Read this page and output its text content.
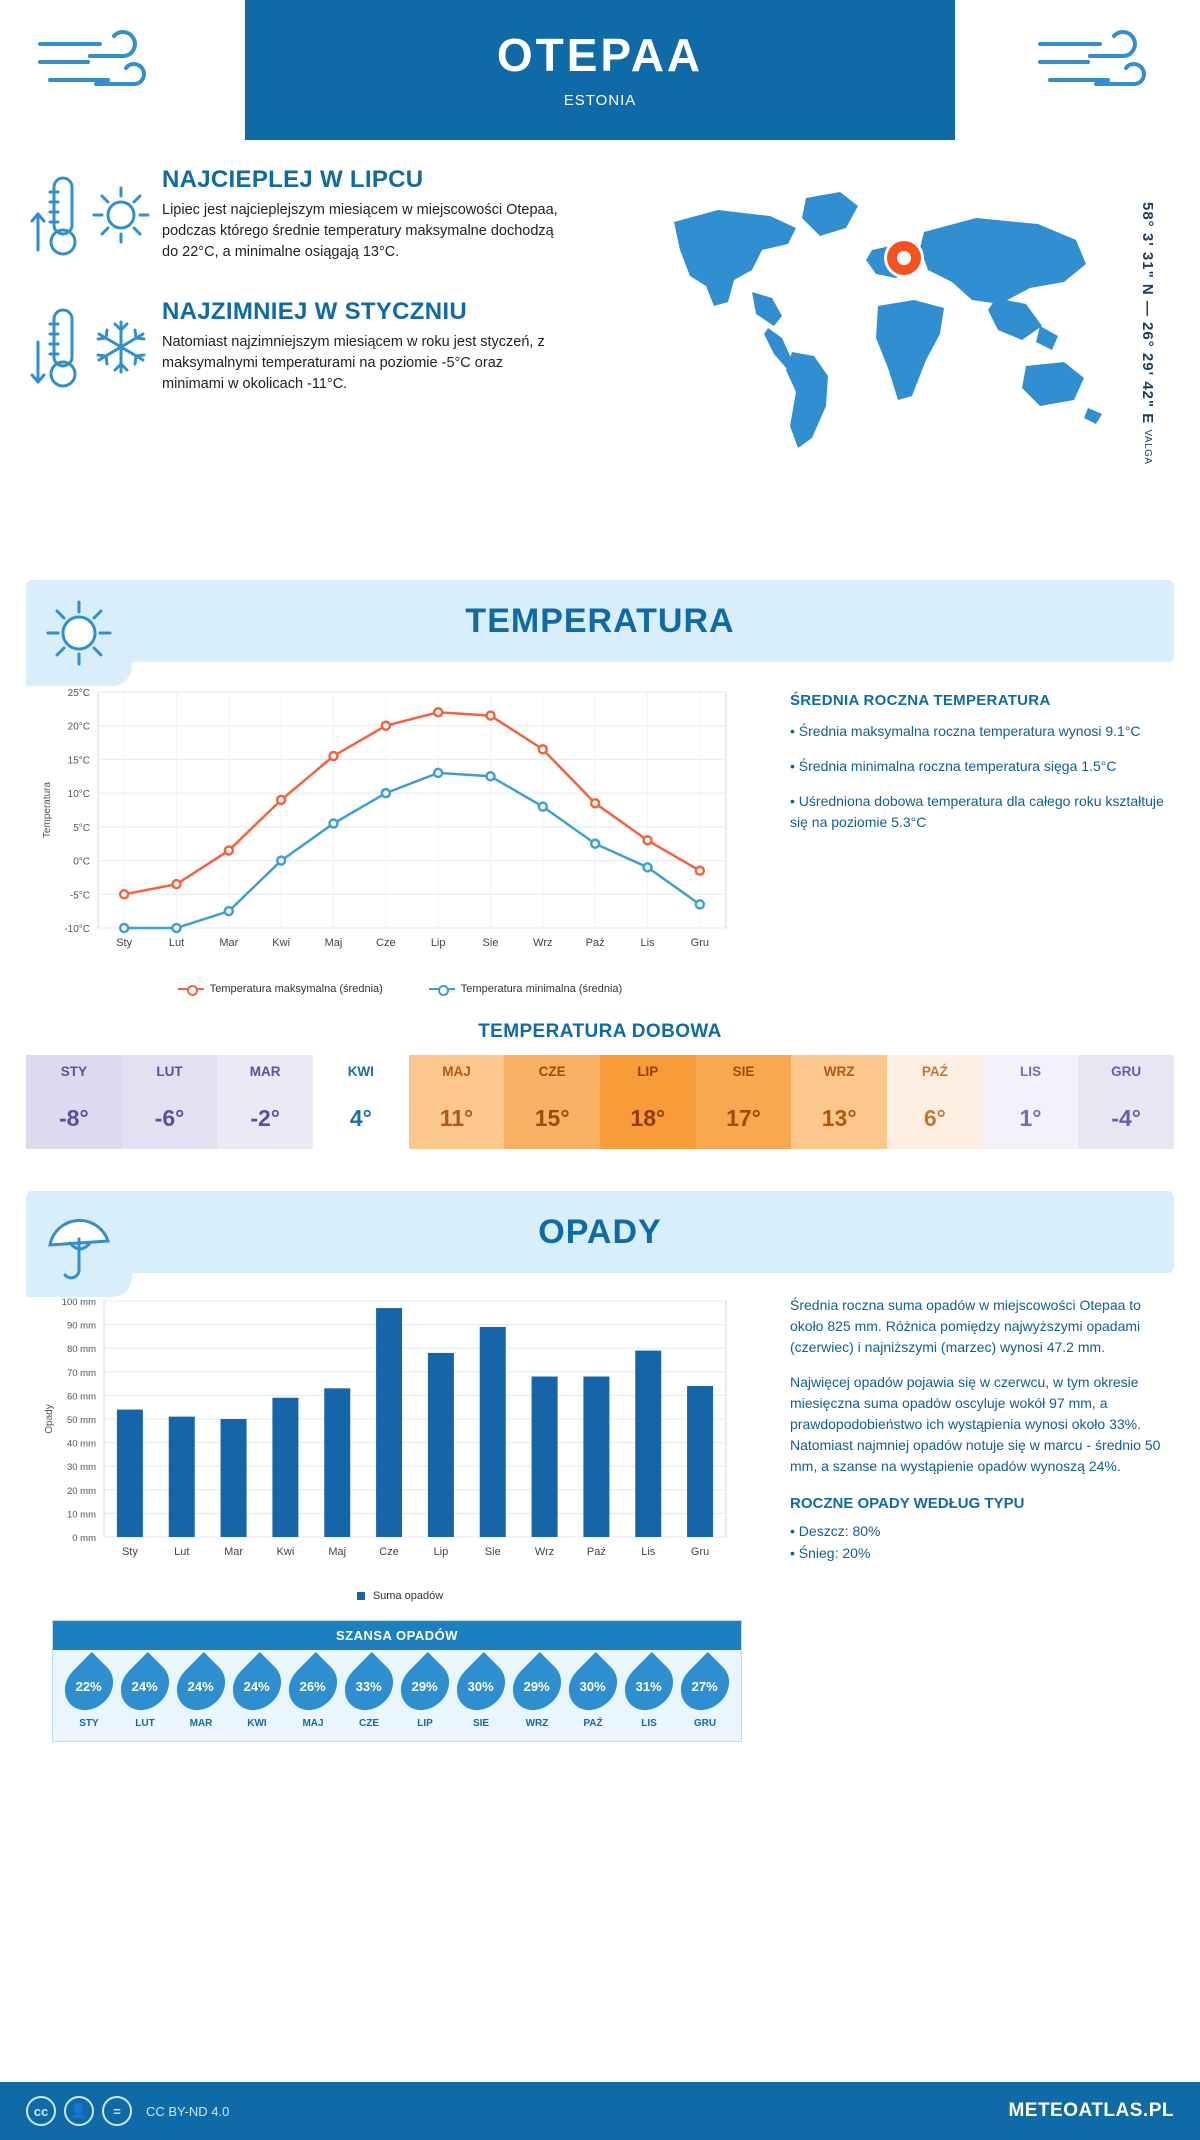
OTEPAA
ESTONIA
NAJCIEPLEJ W LIPCU

Lipiec jest najcieplejszym miesiącem w miejscowości Otepaa, podczas którego średnie temperatury maksymalne dochodzą do 22°C, a minimalne osiągają 13°C.

NAJZIMNIEJ W STYCZNIU

Natomiast najzimniejszym miesiącem w roku jest styczeń, z maksymalnymi temperaturami na poziomie -5°C oraz minimami w okolicach -11°C.	58° 3' 31" N — 26° 29' 42" E VALGA
TEMPERATURA
-10°C
-5°C
0°C
5°C
10°C
15°C
20°C
25°C
Sty	Lut	Mar	Kwi	Maj	Cze	Lip	Sie	Wrz	Paź	Lis	Gru
Temperatura
Temperatura maksymalna (średnia)	Temperatura minimalna (średnia)
ŚREDNIA ROCZNA TEMPERATURA

• Średnia maksymalna roczna temperatura wynosi 9.1°C

• Średnia minimalna roczna temperatura sięga 1.5°C

• Uśredniona dobowa temperatura dla całego roku kształtuje się na poziomie 5.3°C

TEMPERATURA DOBOWA
STY	LUT	MAR	KWI	MAJ	CZE	LIP	SIE	WRZ	PAŹ	LIS	GRU
-8°	-6°	-2°	4°	11°	15°	18°	17°	13°	6°	1°	-4°
OPADY
0 mm
10 mm
20 mm
30 mm
40 mm
50 mm
60 mm
70 mm
80 mm
90 mm
100 mm
Opady
Sty	Lut	Mar	Kwi	Maj	Cze	Lip	Sie	Wrz	Paź	Lis	Gru
Suma opadów
SZANSA OPADÓW
22%
STY
24%
LUT
24%
MAR
24%
KWI
26%
MAJ
33%
CZE
29%
LIP
30%
SIE
29%
WRZ
30%
PAŹ
31%
LIS
27%
GRU

Średnia roczna suma opadów w miejscowości Otepaa to około 825 mm. Różnica pomiędzy najwyższymi opadami (czerwiec) i najniższymi (marzec) wynosi 47.2 mm.

Najwięcej opadów pojawia się w czerwcu, w tym okresie miesięczna suma opadów oscyluje wokół 97 mm, a prawdopodobieństwo ich wystąpienia wynosi około 33%. Natomiast najmniej opadów notuje się w marcu - średnio 50 mm, a szanse na wystąpienie opadów wynoszą 24%.

ROCZNE OPADY WEDŁUG TYPU
• Deszcz: 80%
• Śnieg: 20%
cc	👤	=	CC BY-ND 4.0	METEOATLAS.PL
